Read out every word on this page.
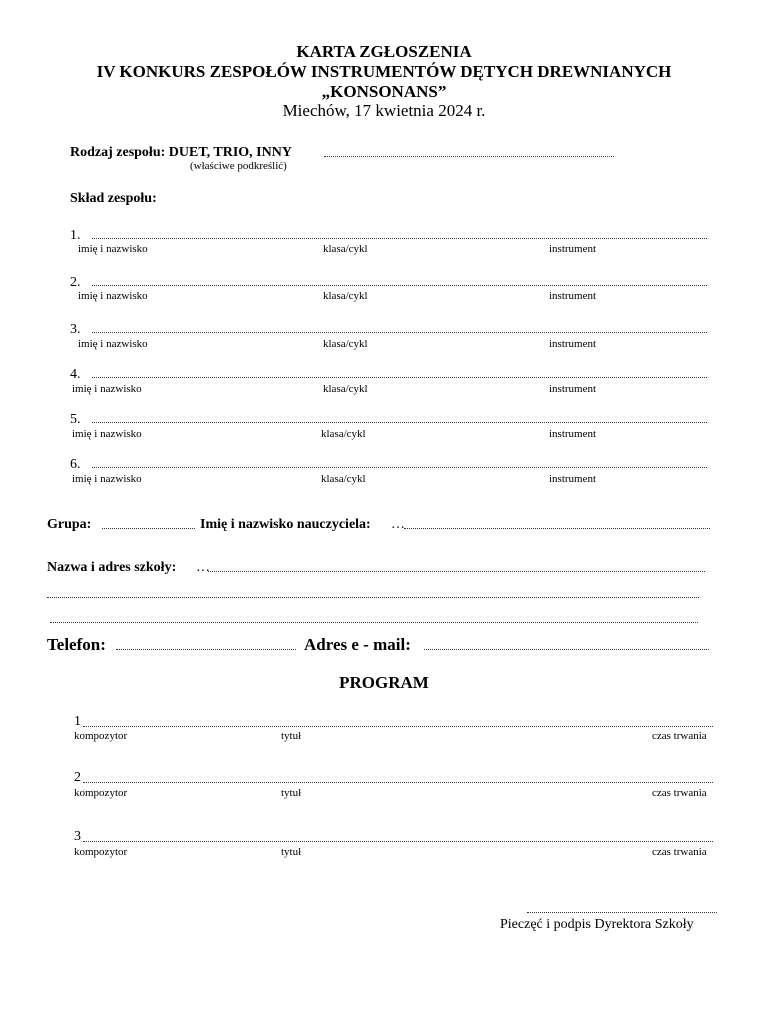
KARTA ZGŁOSZENIA
IV KONKURS ZESPOŁÓW INSTRUMENTÓW DĘTYCH DREWNIANYCH
„KONSONANS”
Miechów, 17 kwietnia 2024 r.
Rodzaj zespołu: DUET, TRIO, INNY
(właściwe podkreślić)
Skład zespołu:
1.
imię i nazwisko	klasa/cykl	instrument
2.
imię i nazwisko	klasa/cykl	instrument
3.
imię i nazwisko	klasa/cykl	instrument
4.
imię i nazwisko	klasa/cykl	instrument
5.
imię i nazwisko	klasa/cykl	instrument
6.
imię i nazwisko	klasa/cykl	instrument
Grupa:	Imię i nazwisko nauczyciela: …
Nazwa i adres szkoły: …
Telefon:	Adres e - mail:
PROGRAM
1
kompozytor	tytuł	czas trwania
2
kompozytor	tytuł	czas trwania
3
kompozytor	tytuł	czas trwania
Pieczęć i podpis Dyrektora Szkoły
